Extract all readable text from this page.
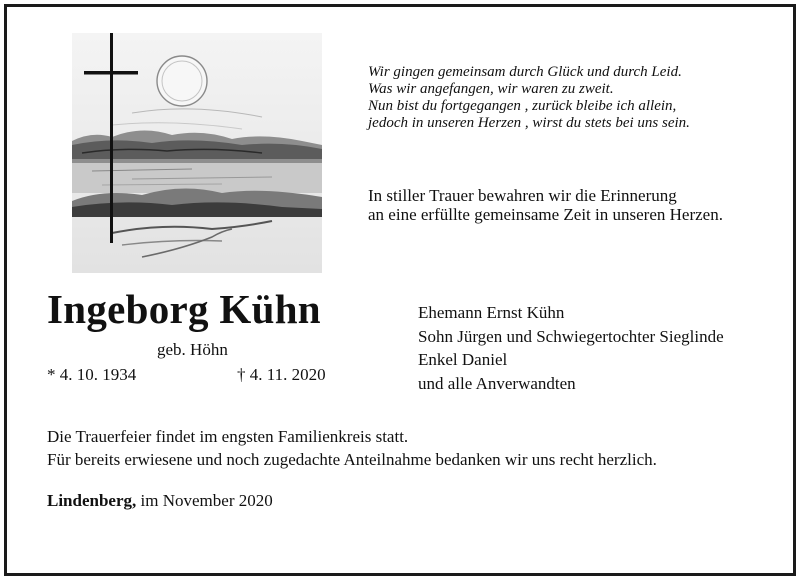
Wir gingen gemeinsam durch Glück und durch Leid.
Was wir angefangen, wir waren zu zweit.
Nun bist du fortgegangen , zurück bleibe ich allein,
jedoch in unseren Herzen , wirst du stets bei uns sein.
In stiller Trauer bewahren wir die Erinnerung
an eine erfüllte gemeinsame Zeit in unseren Herzen.
Ingeborg Kühn
geb. Höhn
* 4. 10. 1934	† 4. 11. 2020
Ehemann Ernst Kühn
Sohn Jürgen und Schwiegertochter Sieglinde
Enkel Daniel
und alle Anverwandten
Die Trauerfeier findet im engsten Familienkreis statt.
Für bereits erwiesene und noch zugedachte Anteilnahme bedanken wir uns recht herzlich.
Lindenberg, im November 2020
